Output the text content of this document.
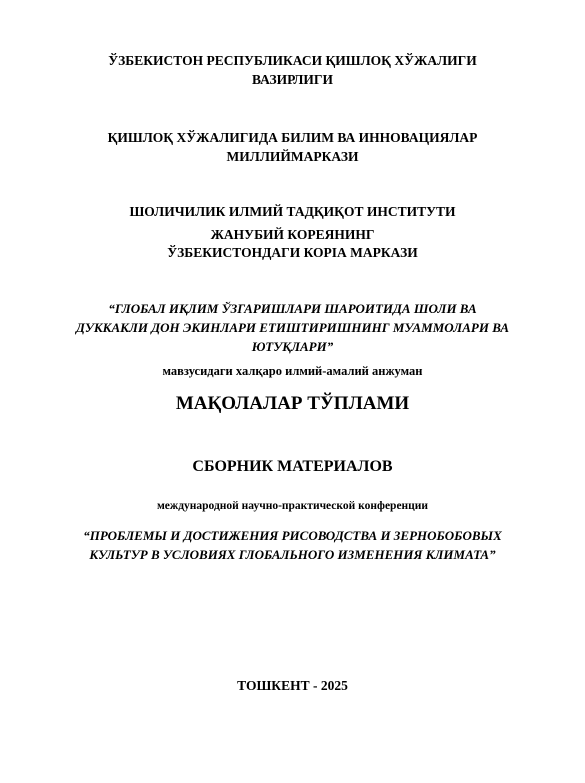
ЎЗБЕКИСТОН РЕСПУБЛИКАСИ ҚИШЛОҚ ХЎЖАЛИГИ
ВАЗИРЛИГИ
ҚИШЛОҚ ХЎЖАЛИГИДА БИЛИМ ВА ИННОВАЦИЯЛАР
МИЛЛИЙМАРКАЗИ
ШОЛИЧИЛИК ИЛМИЙ ТАДҚИҚОТ ИНСТИТУТИ
ЖАНУБИЙ КОРЕЯНИНГ
ЎЗБЕКИСТОНДАГИ КОРІА МАРКАЗИ
“ГЛОБАЛ ИҚЛИМ ЎЗГАРИШЛАРИ ШАРОИТИДА ШОЛИ ВА
ДУККАКЛИ ДОН ЭКИНЛАРИ ЕТИШТИРИШНИНГ МУАММОЛАРИ ВА
ЮТУҚЛАРИ”
мавзусидаги халқаро илмий-амалий анжуман
МАҚОЛАЛАР ТЎПЛАМИ
СБОРНИК МАТЕРИАЛОВ
международной научно-практической конференции
“ПРОБЛЕМЫ И ДОСТИЖЕНИЯ РИСОВОДСТВА И ЗЕРНОБОБОВЫХ
КУЛЬТУР В УСЛОВИЯХ ГЛОБАЛЬНОГО ИЗМЕНЕНИЯ КЛИМАТА”
ТОШКЕНТ - 2025
